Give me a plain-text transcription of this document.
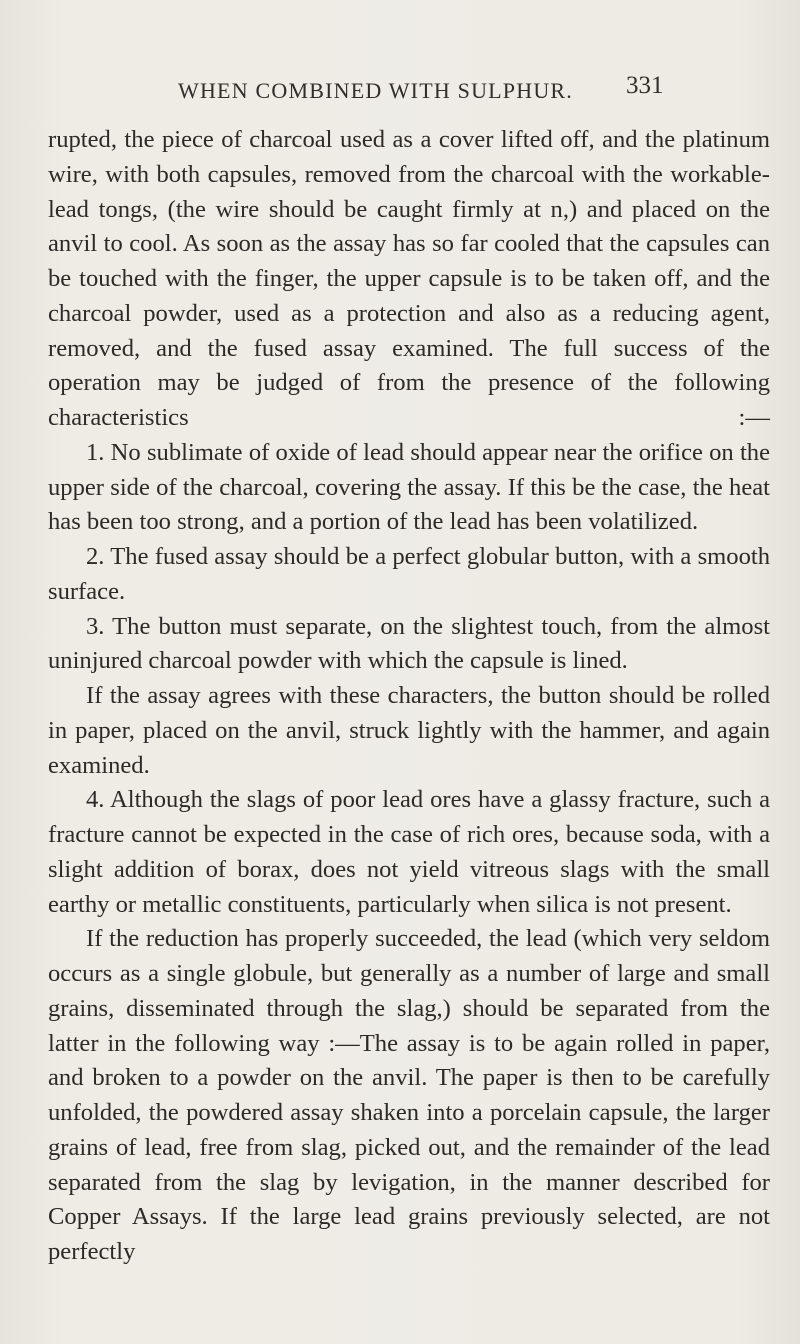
WHEN COMBINED WITH SULPHUR. 331

rupted, the piece of charcoal used as a cover lifted off, and the platinum wire, with both capsules, removed from the charcoal with the workable-lead tongs, (the wire should be caught firmly at n,) and placed on the anvil to cool. As soon as the assay has so far cooled that the capsules can be touched with the finger, the upper capsule is to be taken off, and the charcoal powder, used as a protection and also as a reducing agent, removed, and the fused assay examined. The full success of the operation may be judged of from the presence of the following characteristics :—

1. No sublimate of oxide of lead should appear near the orifice on the upper side of the charcoal, covering the assay. If this be the case, the heat has been too strong, and a portion of the lead has been volatilized.

2. The fused assay should be a perfect globular button, with a smooth surface.

3. The button must separate, on the slightest touch, from the almost uninjured charcoal powder with which the capsule is lined.

If the assay agrees with these characters, the button should be rolled in paper, placed on the anvil, struck lightly with the hammer, and again examined.

4. Although the slags of poor lead ores have a glassy fracture, such a fracture cannot be expected in the case of rich ores, because soda, with a slight addition of borax, does not yield vitreous slags with the small earthy or metallic constituents, particularly when silica is not present.

If the reduction has properly succeeded, the lead (which very seldom occurs as a single globule, but generally as a number of large and small grains, disseminated through the slag,) should be separated from the latter in the following way :—The assay is to be again rolled in paper, and broken to a powder on the anvil. The paper is then to be carefully unfolded, the powdered assay shaken into a porcelain capsule, the larger grains of lead, free from slag, picked out, and the remainder of the lead separated from the slag by levigation, in the manner described for Copper Assays. If the large lead grains previously selected, are not perfectly
